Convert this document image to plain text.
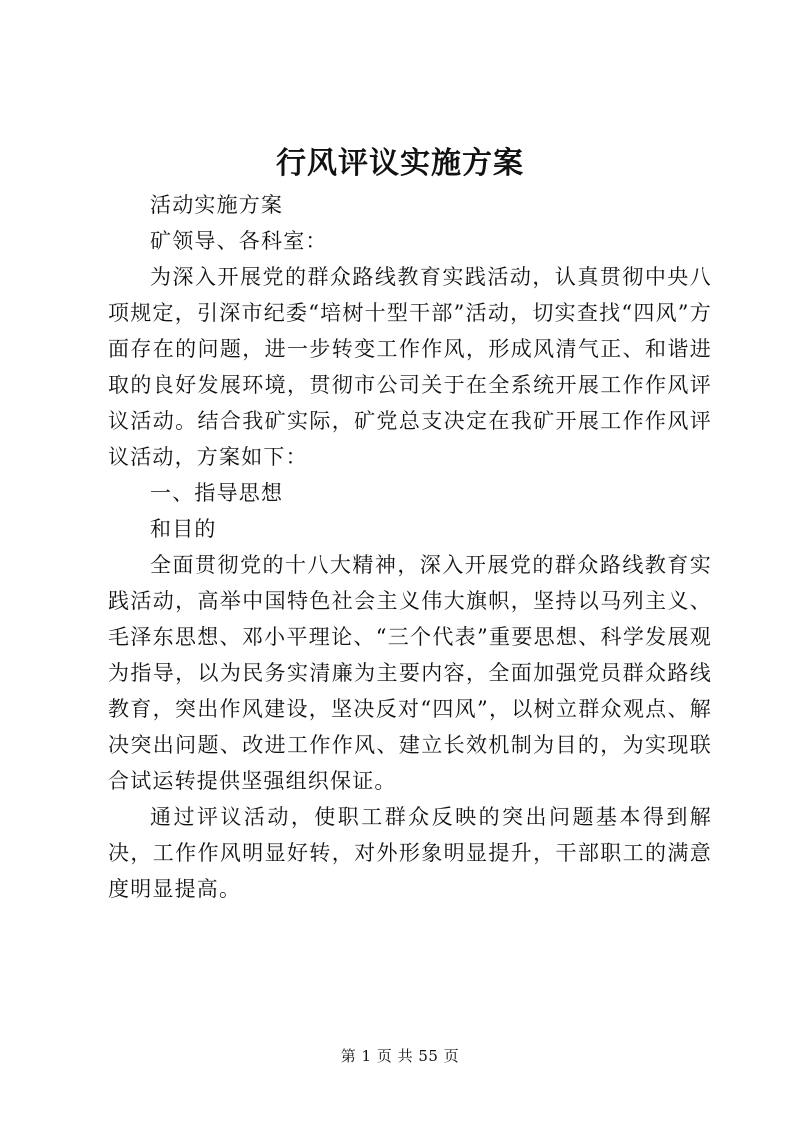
行风评议实施方案

活动实施方案

矿领导、各科室：

为深入开展党的群众路线教育实践活动，认真贯彻中央八项规定，引深市纪委“培树十型干部”活动，切实查找“四风”方面存在的问题，进一步转变工作作风，形成风清气正、和谐进取的良好发展环境，贯彻市公司关于在全系统开展工作作风评议活动。结合我矿实际，矿党总支决定在我矿开展工作作风评议活动，方案如下：

一、指导思想

和目的

全面贯彻党的十八大精神，深入开展党的群众路线教育实践活动，高举中国特色社会主义伟大旗帜，坚持以马列主义、毛泽东思想、邓小平理论、“三个代表”重要思想、科学发展观为指导，以为民务实清廉为主要内容，全面加强党员群众路线教育，突出作风建设，坚决反对“四风”，以树立群众观点、解决突出问题、改进工作作风、建立长效机制为目的，为实现联合试运转提供坚强组织保证。

通过评议活动，使职工群众反映的突出问题基本得到解决，工作作风明显好转，对外形象明显提升，干部职工的满意度明显提高。

第 1 页 共 55 页
